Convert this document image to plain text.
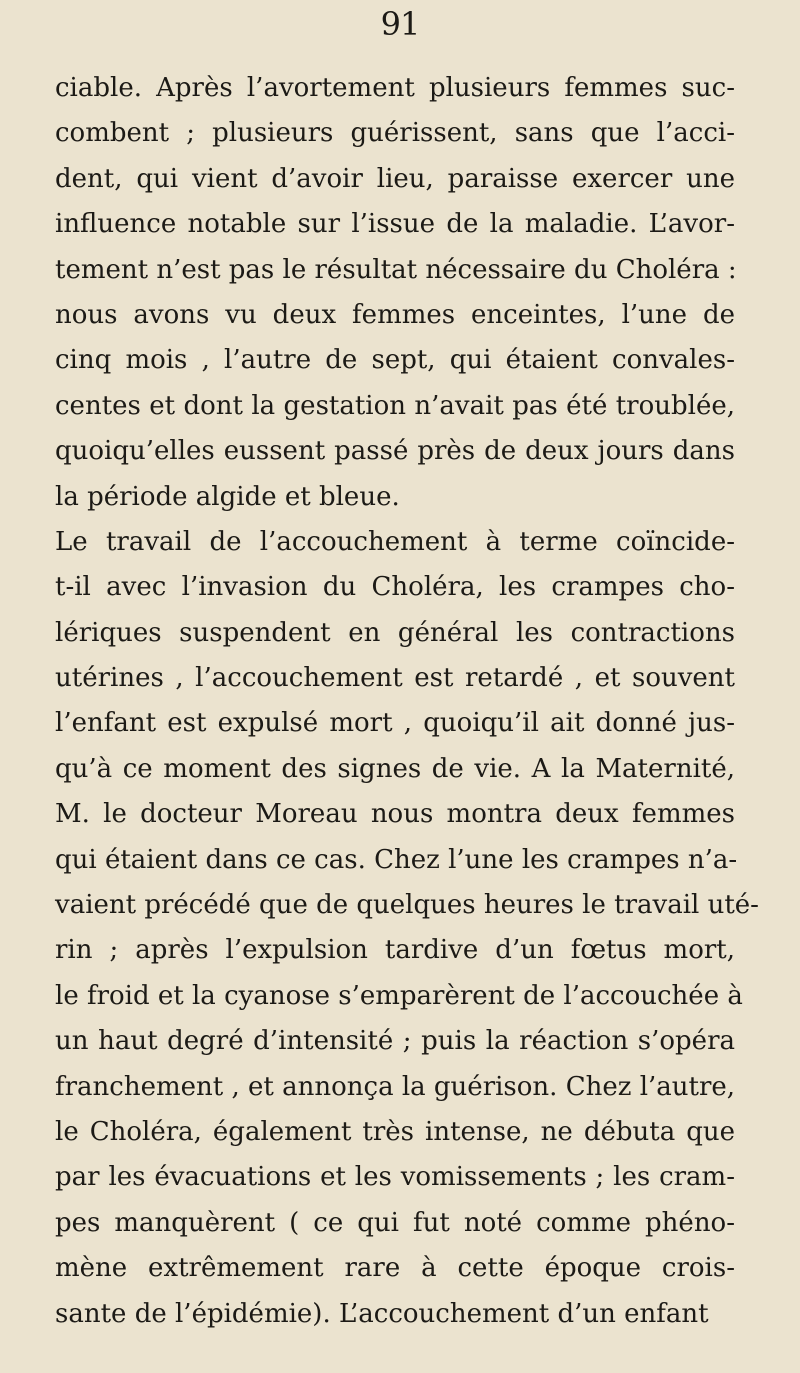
91
ciable. Après l’avortement plusieurs femmes suc-
combent ; plusieurs guérissent, sans que l’acci-
dent, qui vient d’avoir lieu, paraisse exercer une
influence notable sur l’issue de la maladie. L’avor-
tement n’est pas le résultat nécessaire du Choléra :
nous avons vu deux femmes enceintes, l’une de
cinq mois , l’autre de sept, qui étaient convales-
centes et dont la gestation n’avait pas été troublée,
quoiqu’elles eussent passé près de deux jours dans
la période algide et bleue.
Le travail de l’accouchement à terme coïncide-
t-il avec l’invasion du Choléra, les crampes cho-
lériques suspendent en général les contractions
utérines , l’accouchement est retardé , et souvent
l’enfant est expulsé mort , quoiqu’il ait donné jus-
qu’à ce moment des signes de vie. A la Maternité,
M. le docteur Moreau nous montra deux femmes
qui étaient dans ce cas. Chez l’une les crampes n’a-
vaient précédé que de quelques heures le travail uté-
rin ; après l’expulsion tardive d’un fœtus mort,
le froid et la cyanose s’emparèrent de l’accouchée à
un haut degré d’intensité ; puis la réaction s’opéra
franchement , et annonça la guérison. Chez l’autre,
le Choléra, également très intense, ne débuta que
par les évacuations et les vomissements ; les cram-
pes manquèrent ( ce qui fut noté comme phéno-
mène extrêmement rare à cette époque crois-
sante de l’épidémie). L’accouchement d’un enfant
